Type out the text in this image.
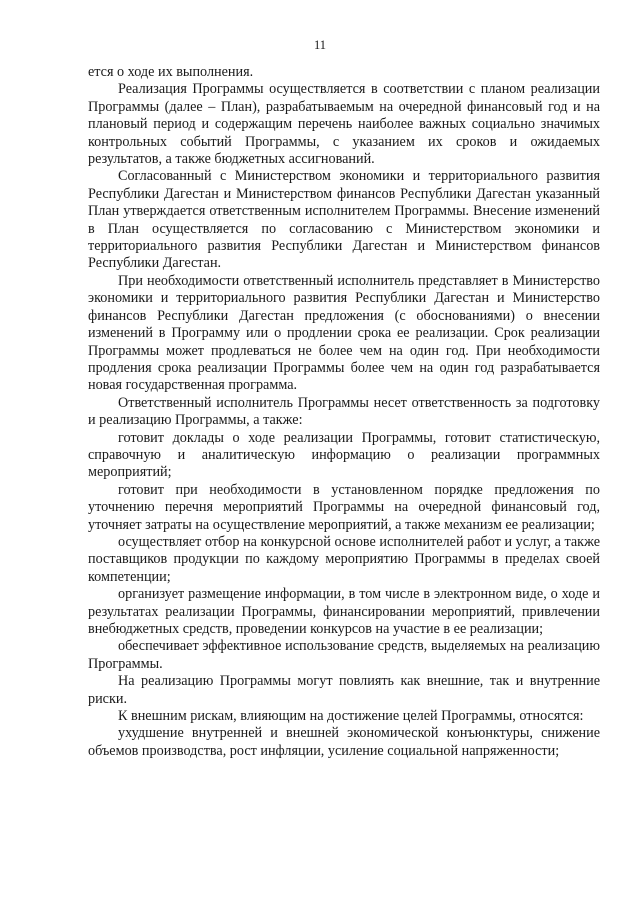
11

ется о ходе их выполнения.

Реализация Программы осуществляется в соответствии с планом реализации Программы (далее – План), разрабатываемым на очередной финансовый год и на плановый период и содержащим перечень наиболее важных социально значимых контрольных событий Программы, с указанием их сроков и ожидаемых результатов, а также бюджетных ассигнований.

Согласованный с Министерством экономики и территориального развития Республики Дагестан и Министерством финансов Республики Дагестан указанный План утверждается ответственным исполнителем Программы. Внесение изменений в План осуществляется по согласованию с Министерством экономики и территориального развития Республики Дагестан и Министерством финансов Республики Дагестан.

При необходимости ответственный исполнитель представляет в Министерство экономики и территориального развития Республики Дагестан и Министерство финансов Республики Дагестан предложения (с обоснованиями) о внесении изменений в Программу или о продлении срока ее реализации. Срок реализации Программы может продлеваться не более чем на один год. При необходимости продления срока реализации Программы более чем на один год разрабатывается новая государственная программа.

Ответственный исполнитель Программы несет ответственность за подготовку и реализацию Программы, а также:

готовит доклады о ходе реализации Программы, готовит статистическую, справочную и аналитическую информацию о реализации программных мероприятий;

готовит при необходимости в установленном порядке предложения по уточнению перечня мероприятий Программы на очередной финансовый год, уточняет затраты на осуществление мероприятий, а также механизм ее реализации;

осуществляет отбор на конкурсной основе исполнителей работ и услуг, а также поставщиков продукции по каждому мероприятию Программы в пределах своей компетенции;

организует размещение информации, в том числе в электронном виде, о ходе и результатах реализации Программы, финансировании мероприятий, привлечении внебюджетных средств, проведении конкурсов на участие в ее реализации;

обеспечивает эффективное использование средств, выделяемых на реализацию Программы.

На реализацию Программы могут повлиять как внешние, так и внутренние риски.

К внешним рискам, влияющим на достижение целей Программы, относятся:

ухудшение внутренней и внешней экономической конъюнктуры, снижение объемов производства, рост инфляции, усиление социальной напряженности;
